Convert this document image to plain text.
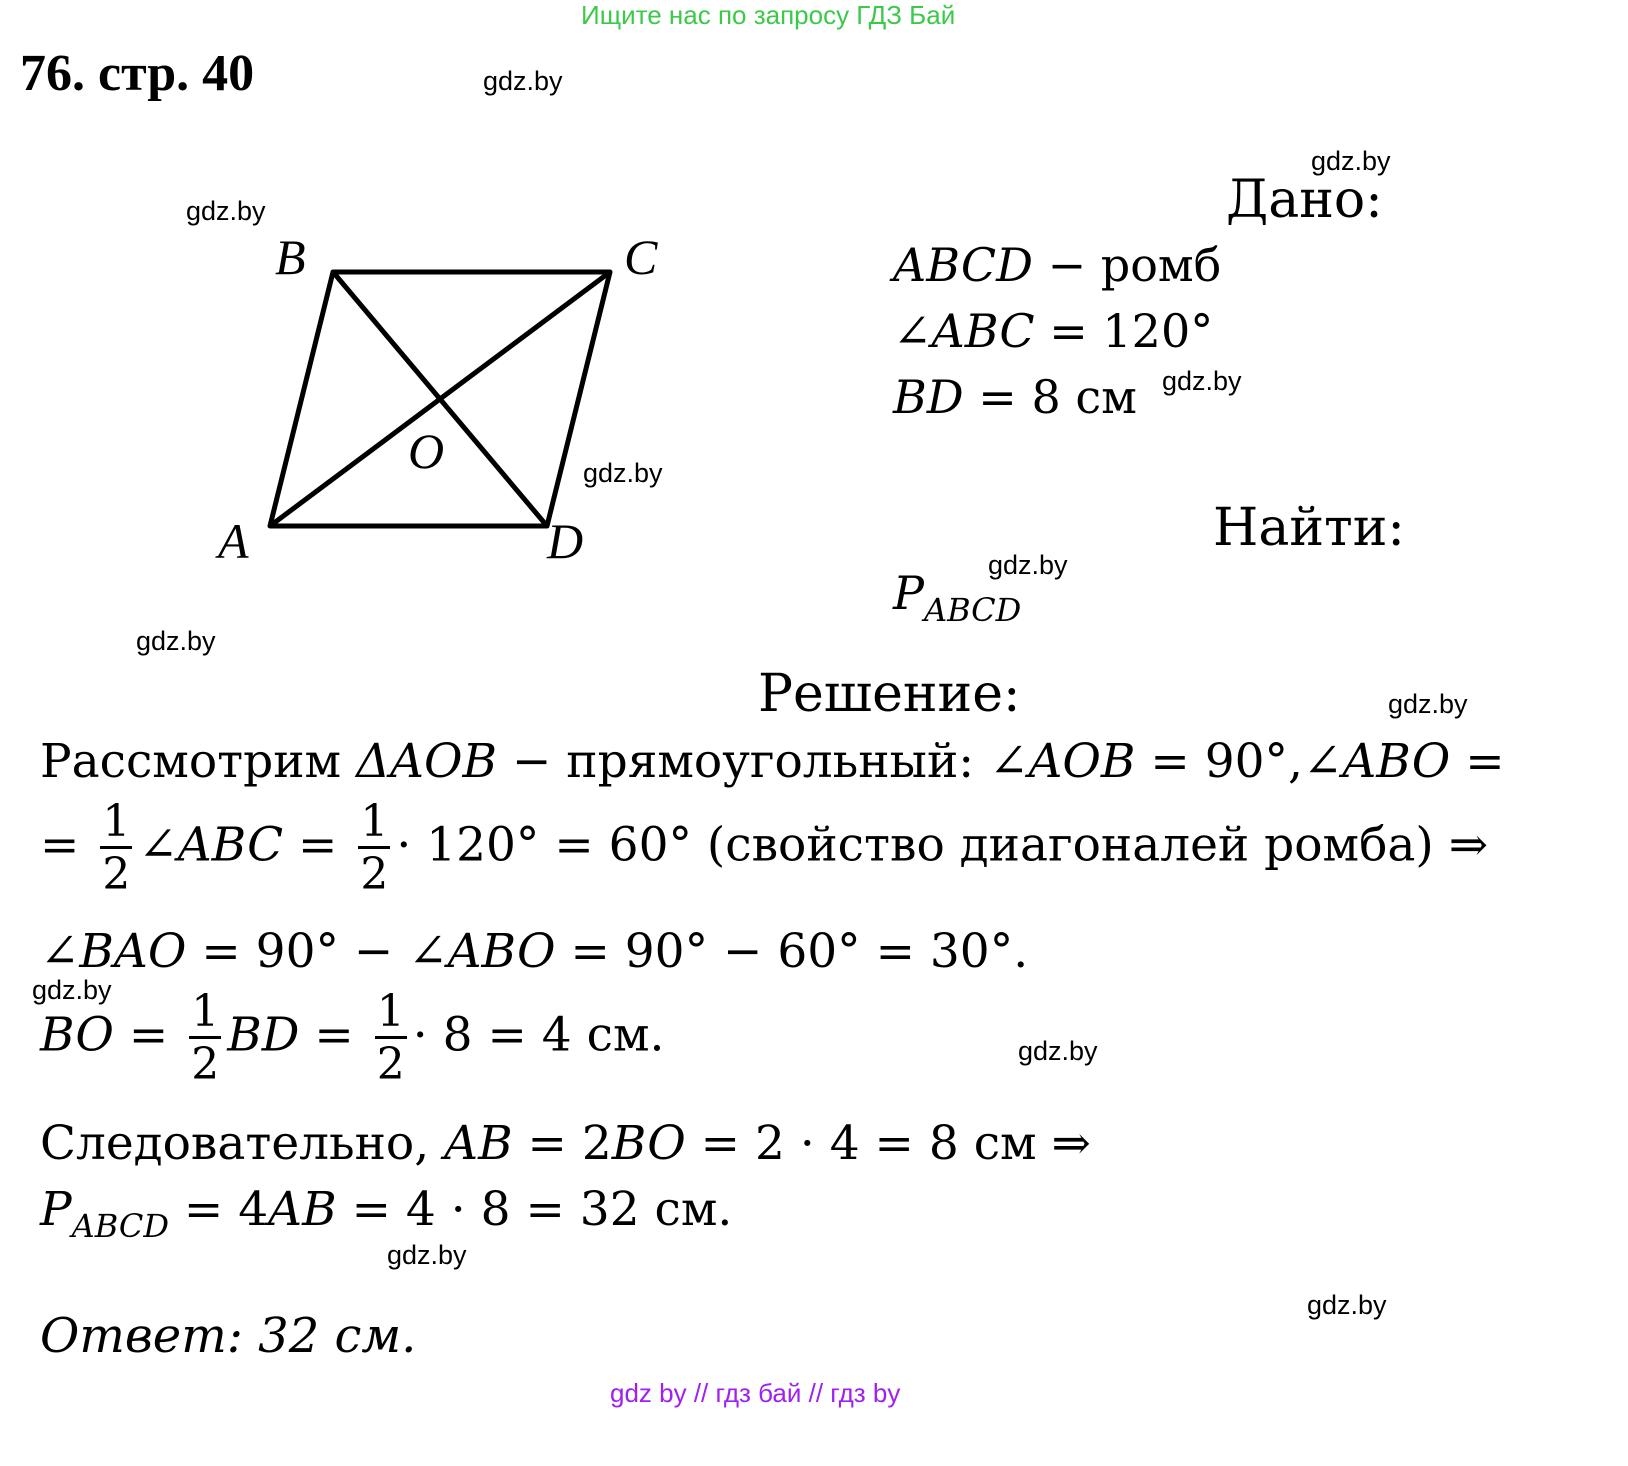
Ищите нас по запросу ГДЗ Бай
76. стр. 40	gdz.by
gdz.by
gdz.by
gdz.by
gdz.by
gdz.by
gdz.by
gdz.by
gdz.by
gdz.by
gdz.by
gdz.by
B	C
O
A	D
Дано:
ABCD − ромб
∠ABC = 120°
BD = 8 см
Найти:
$P_{ABCD}$
Решение:
Рассмотрим ΔAOB − прямоугольный: ∠AOB = 90°,∠ABO =
= $\frac{1}{2}$ ∠ABC = $\frac{1}{2} \cdot 120^\circ = 60^\circ$ (свойство диагоналей ромба) ⇒
∠BAO = 90° − ∠ABO = 90° − 60° = 30°.
BO = $\frac{1}{2}$ BD = $\frac{1}{2} \cdot 8 = 4$ см.
Следовательно, AB = 2BO = 2 · 4 = 8 см ⇒
$P_{ABCD} = 4AB = 4 \cdot 8 = 32$ см.
Ответ: 32 см.
gdz by // гдз бай // гдз by
